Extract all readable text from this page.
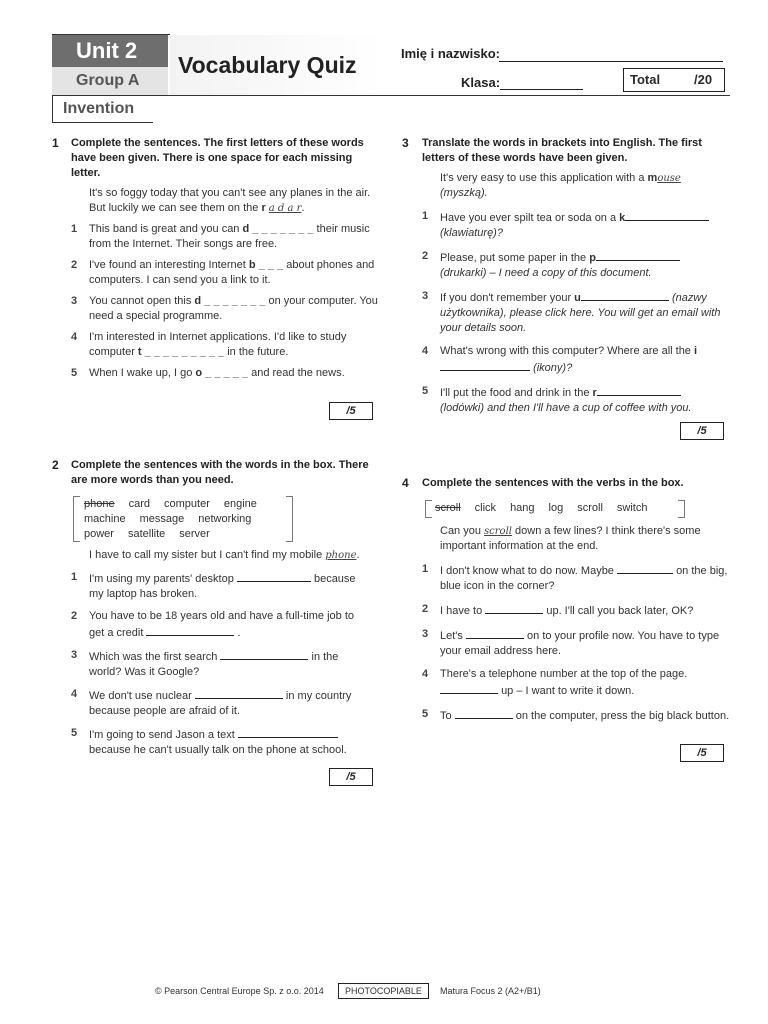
Unit 2
Group A
Vocabulary Quiz
Invention
Imię i nazwisko:
Klasa:	Total	/20
1 Complete the sentences. The first letters of these words have been given. There is one space for each missing letter.

It's so foggy today that you can't see any planes in the air. But luckily we can see them on the r a d a r.

1 This band is great and you can d _ _ _ _ _ _ _ their music from the Internet. Their songs are free.

2 I've found an interesting Internet b _ _ _ about phones and computers. I can send you a link to it.

3 You cannot open this d _ _ _ _ _ _ _ on your computer. You need a special programme.

4 I'm interested in Internet applications. I'd like to study computer t _ _ _ _ _ _ _ _ _ in the future.

5 When I wake up, I go o _ _ _ _ _ and read the news.

/5
2 Complete the sentences with the words in the box. There are more words than you need.

phone card computer engine
machine message networking
power satellite server

I have to call my sister but I can't find my mobile phone.

1 I'm using my parents' desktop	because my laptop has broken.

2 You have to be 18 years old and have a full-time job to get a credit	.

3 Which was the first search	in the world? Was it Google?

4 We don't use nuclear	in my country because people are afraid of it.

5 I'm going to send Jason a text  because he can't usually talk on the phone at school.

/5
3 Translate the words in brackets into English. The first letters of these words have been given.

It's very easy to use this application with a mouse
(myszką).

1 Have you ever spilt tea or soda on a k (klawiaturę)?

2 Please, put some paper in the p (drukarki) – I need a copy of this document.

3 If you don't remember your u	(nazwy użytkownika), please click here. You will get an email with your details soon.

4 What's wrong with this computer? Where are all the i (ikony)?

5 I'll put the food and drink in the r (lodówki) and then I'll have a cup of coffee with you.

/5
4 Complete the sentences with the verbs in the box.

scroll click hang log scroll switch

Can you scroll down a few lines? I think there's some important information at the end.

1 I don't know what to do now. Maybe	on the big, blue icon in the corner?

2 I have to	up. I'll call you back later, OK?

3 Let's	on to your profile now. You have to type your email address here.

4 There's a telephone number at the top of the page.  up – I want to write it down.

5 To	on the computer, press the big black button.

/5
© Pearson Central Europe Sp. z o.o. 2014	PHOTOCOPIABLE	Matura Focus 2 (A2+/B1)
